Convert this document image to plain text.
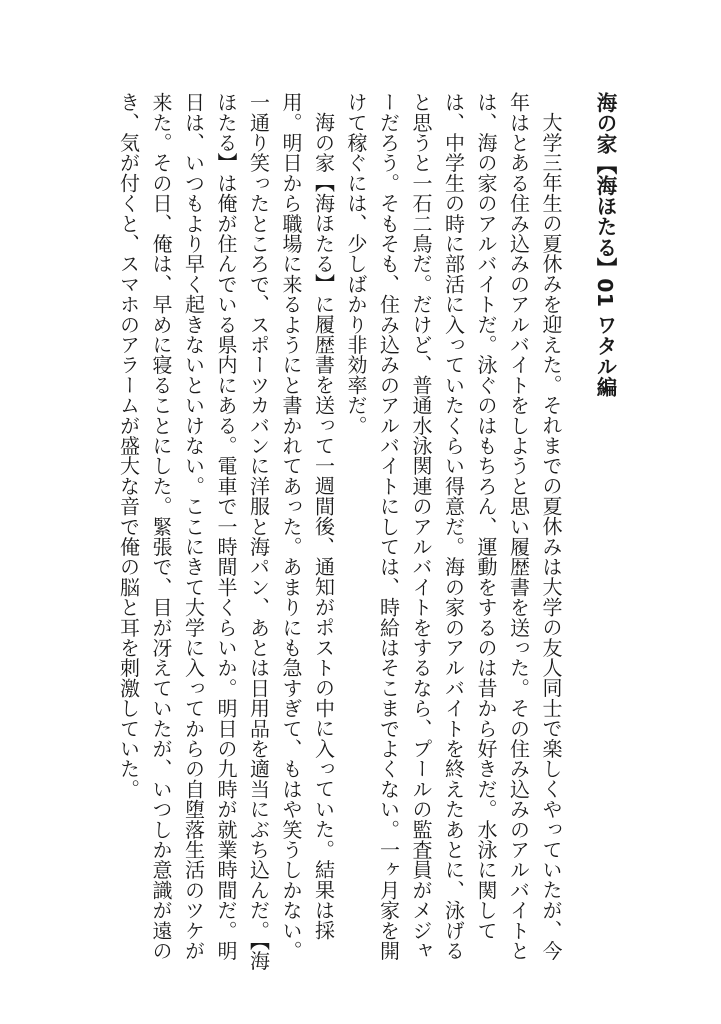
海の家【海ほたる】01 ワタル編

大学三年生の夏休みを迎えた。それまでの夏休みは大学の友人同士で楽しくやっていたが、今年はとある住み込みのアルバイトをしようと思い履歴書を送った。その住み込みのアルバイトとは、海の家のアルバイトだ。泳ぐのはもちろん、運動をするのは昔から好きだ。水泳に関しては、中学生の時に部活に入っていたくらい得意だ。海の家のアルバイトを終えたあとに、泳げると思うと一石二鳥だ。だけど、普通水泳関連のアルバイトをするなら、プールの監査員がメジャーだろう。そもそも、住み込みのアルバイトにしては、時給はそこまでよくない。一ヶ月家を開けて稼ぐには、少しばかり非効率だ。

海の家【海ほたる】に履歴書を送って一週間後、通知がポストの中に入っていた。結果は採用。明日から職場に来るようにと書かれてあった。あまりにも急すぎて、もはや笑うしかない。一通り笑ったところで、スポーツカバンに洋服と海パン、あとは日用品を適当にぶち込んだ。【海ほたる】は俺が住んでいる県内にある。電車で一時間半くらいか。明日の九時が就業時間だ。明日は、いつもより早く起きないといけない。ここにきて大学に入ってからの自堕落生活のツケが来た。その日、俺は、早めに寝ることにした。緊張で、目が冴えていたが、いつしか意識が遠のき、気が付くと、スマホのアラームが盛大な音で俺の脳と耳を刺激していた。
